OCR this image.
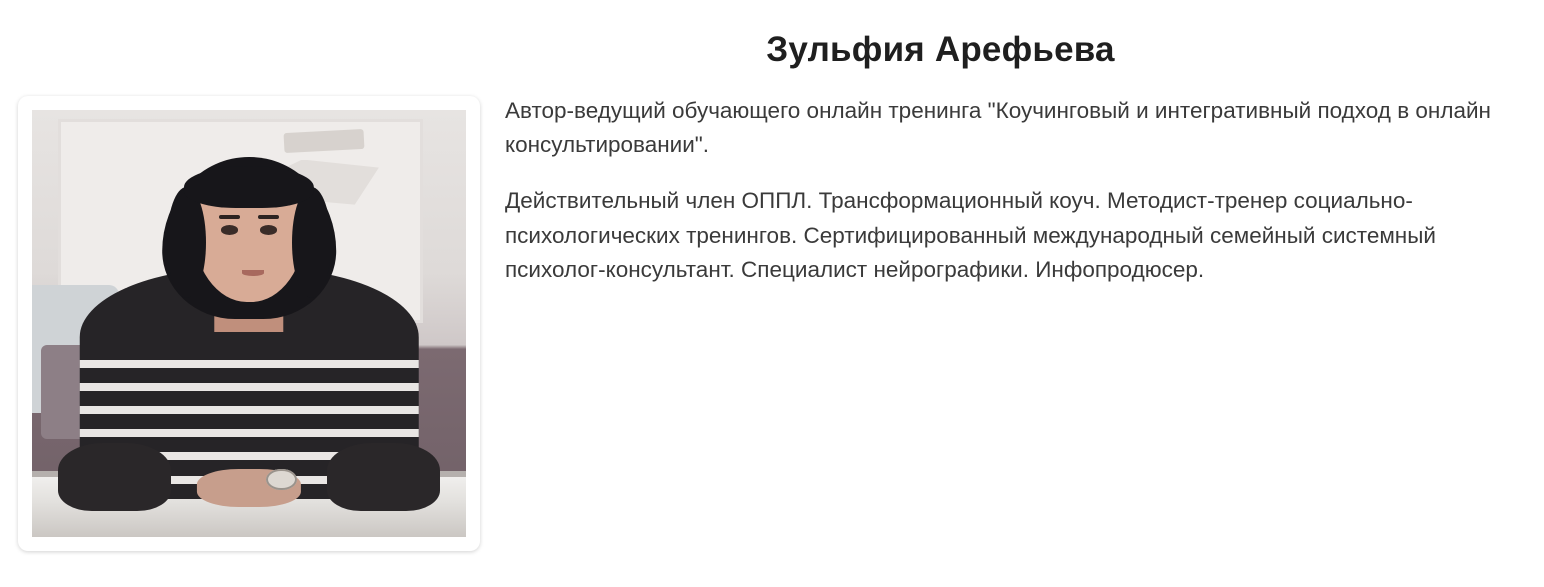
Зульфия Арефьева

Автор-ведущий обучающего онлайн тренинга "Коучинговый и интегративный подход в онлайн консультировании".

Действительный член ОППЛ. Трансформационный коуч. Методист-тренер социально- психологических тренингов. Сертифицированный международный семейный системный психолог-консультант. Специалист нейрографики. Инфопродюсер.
